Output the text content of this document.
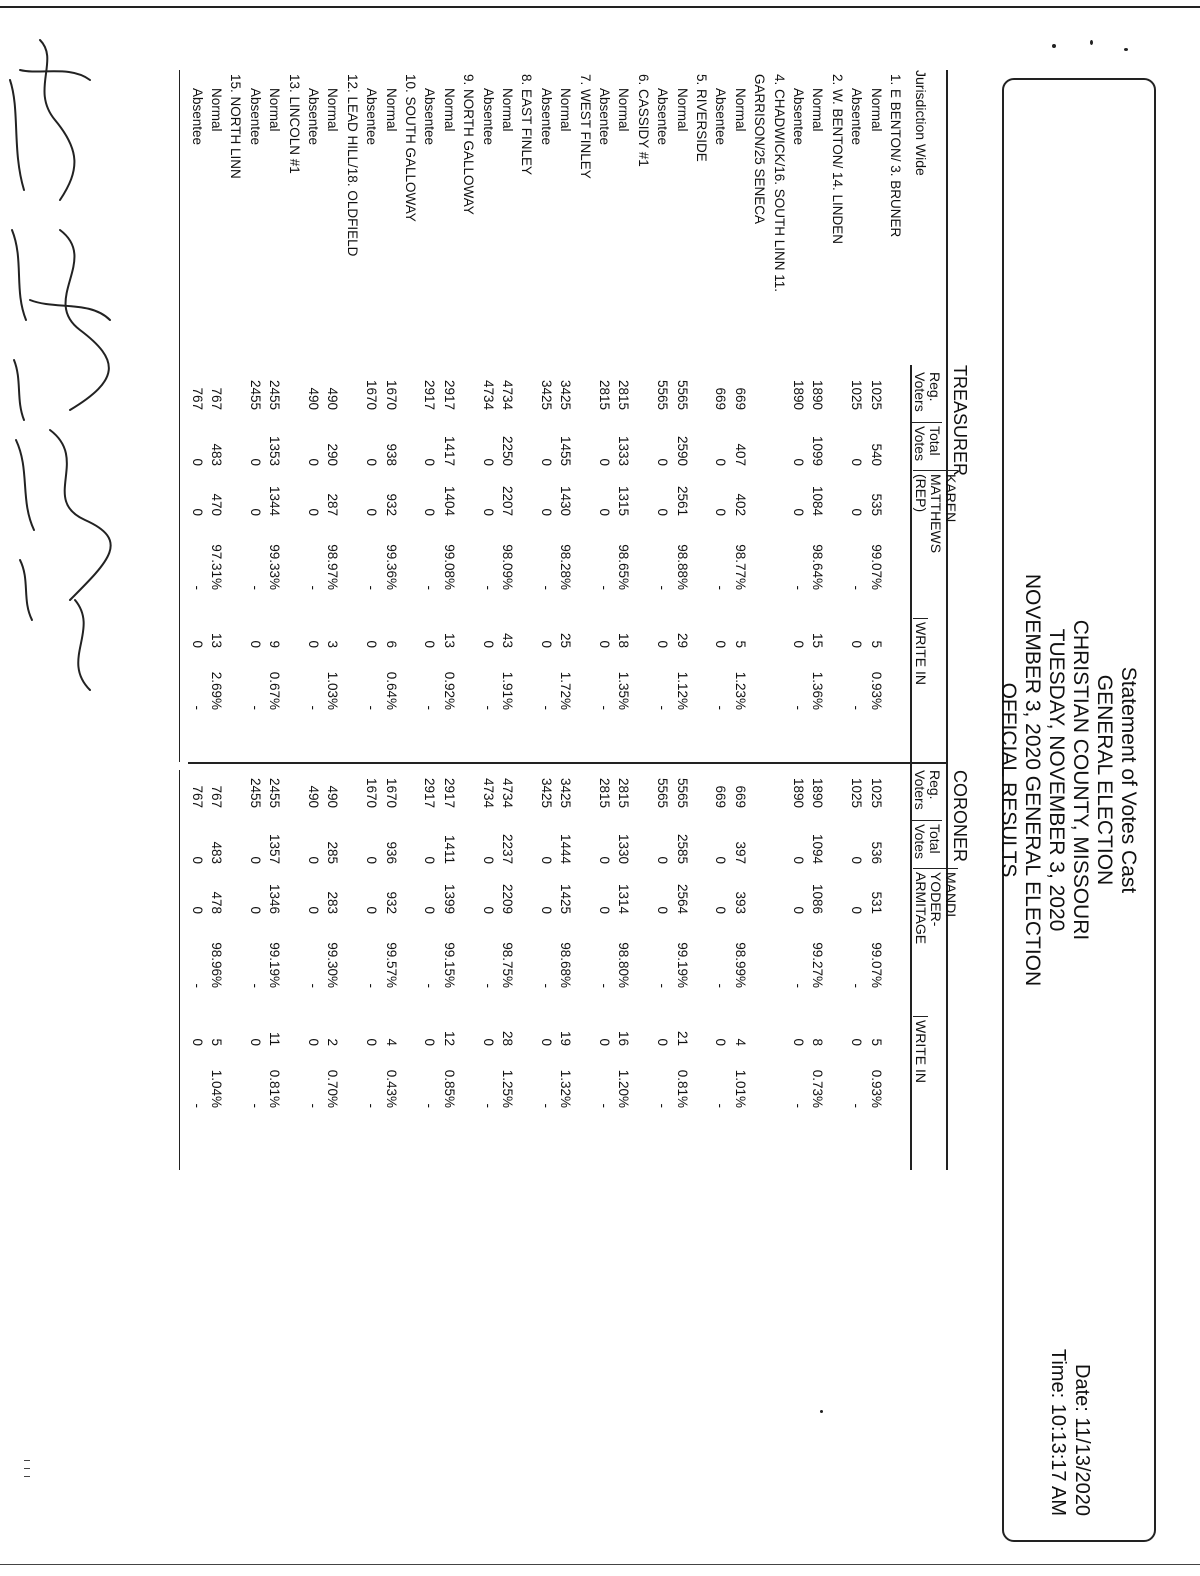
Statement of Votes Cast
GENERAL ELECTION
CHRISTIAN COUNTY, MISSOURI
TUESDAY, NOVEMBER 3, 2020
NOVEMBER 3, 2020 GENERAL ELECTION
OFFICIAL RESULTS
Date: 11/13/2020
Time: 10:13:17 AM
TREASURER
CORONER
Jurisdiction Wide
Reg.
Voters
Total
Votes
KAREN
MATTHEWS
(REP)
WRITE IN
Reg.
Voters
Total
Votes
MANDI
YODER-
ARMITAGE
WRITE IN
1. E BENTON/ 3. BRUNER
Normal
1025
540
535
99.07%
5
0.93%
1025
536
531
99.07%
5
0.93%
Absentee
1025
0
0
-
0
-
1025
0
0
-
0
-
2. W. BENTON/ 14. LINDEN
Normal
1890
1099
1084
98.64%
15
1.36%
1890
1094
1086
99.27%
8
0.73%
Absentee
1890
0
0
-
0
-
1890
0
0
-
0
-
4. CHADWICK/16. SOUTH LINN 11.
GARRISON/25 SENECA
Normal
669
407
402
98.77%
5
1.23%
669
397
393
98.99%
4
1.01%
Absentee
669
0
0
-
0
-
669
0
0
-
0
-
5. RIVERSIDE
Normal
5565
2590
2561
98.88%
29
1.12%
5565
2585
2564
99.19%
21
0.81%
Absentee
5565
0
0
-
0
-
5565
0
0
-
0
-
6. CASSIDY #1
Normal
2815
1333
1315
98.65%
18
1.35%
2815
1330
1314
98.80%
16
1.20%
Absentee
2815
0
0
-
0
-
2815
0
0
-
0
-
7. WEST FINLEY
Normal
3425
1455
1430
98.28%
25
1.72%
3425
1444
1425
98.68%
19
1.32%
Absentee
3425
0
0
-
0
-
3425
0
0
-
0
-
8. EAST FINLEY
Normal
4734
2250
2207
98.09%
43
1.91%
4734
2237
2209
98.75%
28
1.25%
Absentee
4734
0
0
-
0
-
4734
0
0
-
0
-
9. NORTH GALLOWAY
Normal
2917
1417
1404
99.08%
13
0.92%
2917
1411
1399
99.15%
12
0.85%
Absentee
2917
0
0
-
0
-
2917
0
0
-
0
-
10. SOUTH GALLOWAY
Normal
1670
938
932
99.36%
6
0.64%
1670
936
932
99.57%
4
0.43%
Absentee
1670
0
0
-
0
-
1670
0
0
-
0
-
12. LEAD HILL/18. OLDFIELD
Normal
490
290
287
98.97%
3
1.03%
490
285
283
99.30%
2
0.70%
Absentee
490
0
0
-
0
-
490
0
0
-
0
-
13. LINCOLN #1
Normal
2455
1353
1344
99.33%
9
0.67%
2455
1357
1346
99.19%
11
0.81%
Absentee
2455
0
0
-
0
-
2455
0
0
-
0
-
15. NORTH LINN
Normal
767
483
470
97.31%
13
2.69%
767
483
478
98.96%
5
1.04%
Absentee
767
0
0
-
0
-
767
0
0
-
0
-
